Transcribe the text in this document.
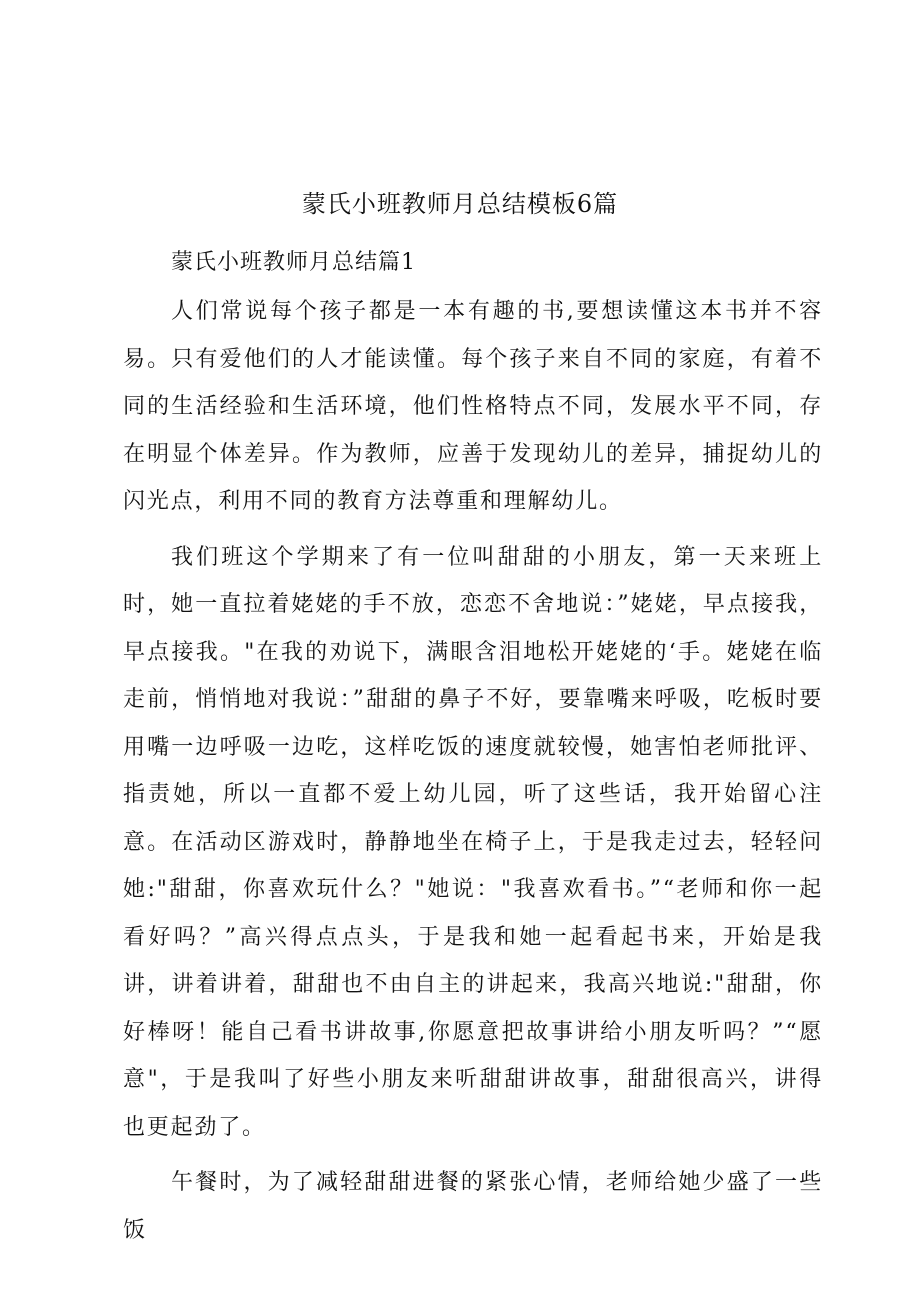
蒙氏小班教师月总结模板6篇

蒙氏小班教师月总结篇1

人们常说每个孩子都是一本有趣的书,要想读懂这本书并不容易。只有爱他们的人才能读懂。每个孩子来自不同的家庭，有着不同的生活经验和生活环境，他们性格特点不同，发展水平不同，存在明显个体差异。作为教师，应善于发现幼儿的差异，捕捉幼儿的闪光点，利用不同的教育方法尊重和理解幼儿。

我们班这个学期来了有一位叫甜甜的小朋友，第一天来班上时，她一直拉着姥姥的手不放，恋恋不舍地说：”姥姥，早点接我，早点接我。"在我的劝说下，满眼含泪地松开姥姥的‘手。姥姥在临走前，悄悄地对我说：”甜甜的鼻子不好，要靠嘴来呼吸，吃板时要用嘴一边呼吸一边吃，这样吃饭的速度就较慢，她害怕老师批评、指责她，所以一直都不爱上幼儿园，听了这些话，我开始留心注意。在活动区游戏时，静静地坐在椅子上，于是我走过去，轻轻问她:"甜甜，你喜欢玩什么？"她说："我喜欢看书。”“老师和你一起看好吗？”高兴得点点头，于是我和她一起看起书来，开始是我讲，讲着讲着，甜甜也不由自主的讲起来，我高兴地说:"甜甜，你好棒呀！能自己看书讲故事,你愿意把故事讲给小朋友听吗？”“愿意"，于是我叫了好些小朋友来听甜甜讲故事，甜甜很高兴，讲得也更起劲了。

午餐时，为了减轻甜甜进餐的紧张心情，老师给她少盛了一些饭
